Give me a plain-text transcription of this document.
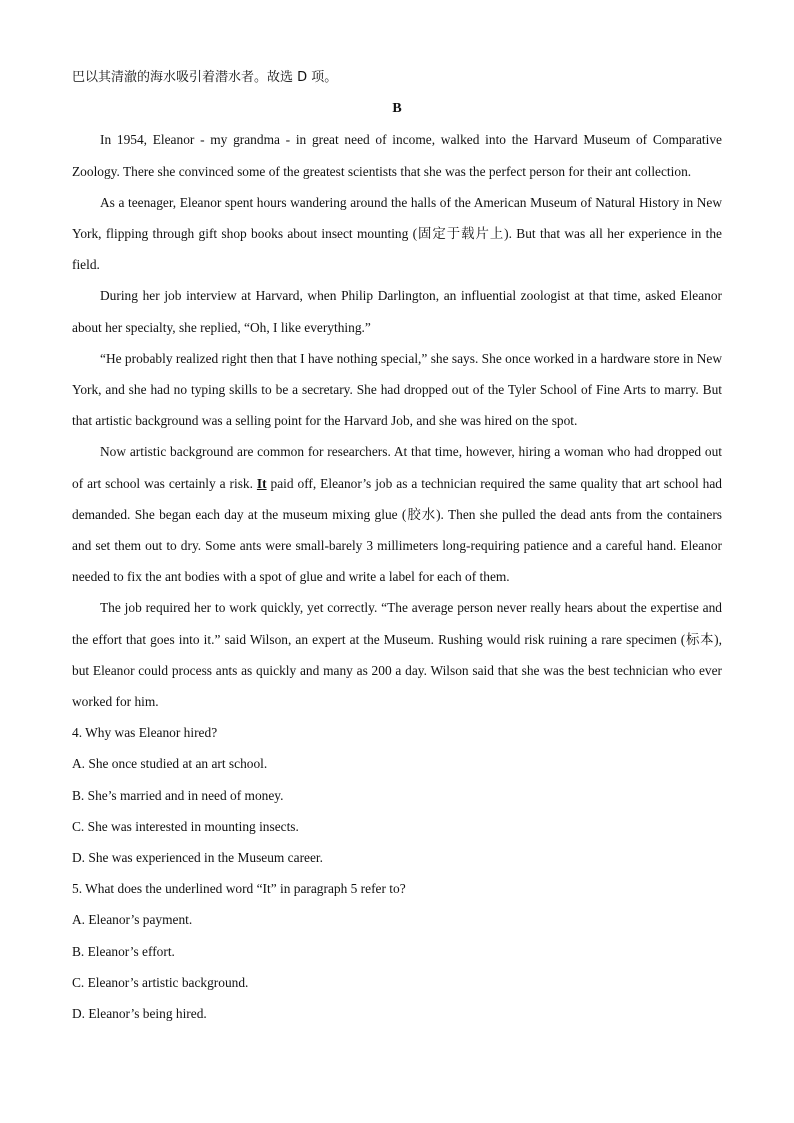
巴以其清澈的海水吸引着潜水者。故选 D 项。

B

In 1954, Eleanor - my grandma - in great need of income, walked into the Harvard Museum of Comparative Zoology. There she convinced some of the greatest scientists that she was the perfect person for their ant collection.

As a teenager, Eleanor spent hours wandering around the halls of the American Museum of Natural History in New York, flipping through gift shop books about insect mounting (固定于载片上). But that was all her experience in the field.

During her job interview at Harvard, when Philip Darlington, an influential zoologist at that time, asked Eleanor about her specialty, she replied, “Oh, I like everything.”

“He probably realized right then that I have nothing special,” she says. She once worked in a hardware store in New York, and she had no typing skills to be a secretary. She had dropped out of the Tyler School of Fine Arts to marry. But that artistic background was a selling point for the Harvard Job, and she was hired on the spot.

Now artistic background are common for researchers. At that time, however, hiring a woman who had dropped out of art school was certainly a risk. It paid off, Eleanor’s job as a technician required the same quality that art school had demanded. She began each day at the museum mixing glue (胶水). Then she pulled the dead ants from the containers and set them out to dry. Some ants were small-barely 3 millimeters long-requiring patience and a careful hand. Eleanor needed to fix the ant bodies with a spot of glue and write a label for each of them.

The job required her to work quickly, yet correctly. “The average person never really hears about the expertise and the effort that goes into it.” said Wilson, an expert at the Museum. Rushing would risk ruining a rare specimen (标本), but Eleanor could process ants as quickly and many as 200 a day. Wilson said that she was the best technician who ever worked for him.

4. Why was Eleanor hired?

A. She once studied at an art school.

B. She’s married and in need of money.

C. She was interested in mounting insects.

D. She was experienced in the Museum career.

5. What does the underlined word “It” in paragraph 5 refer to?

A. Eleanor’s payment.

B. Eleanor’s effort.

C. Eleanor’s artistic background.

D. Eleanor’s being hired.
